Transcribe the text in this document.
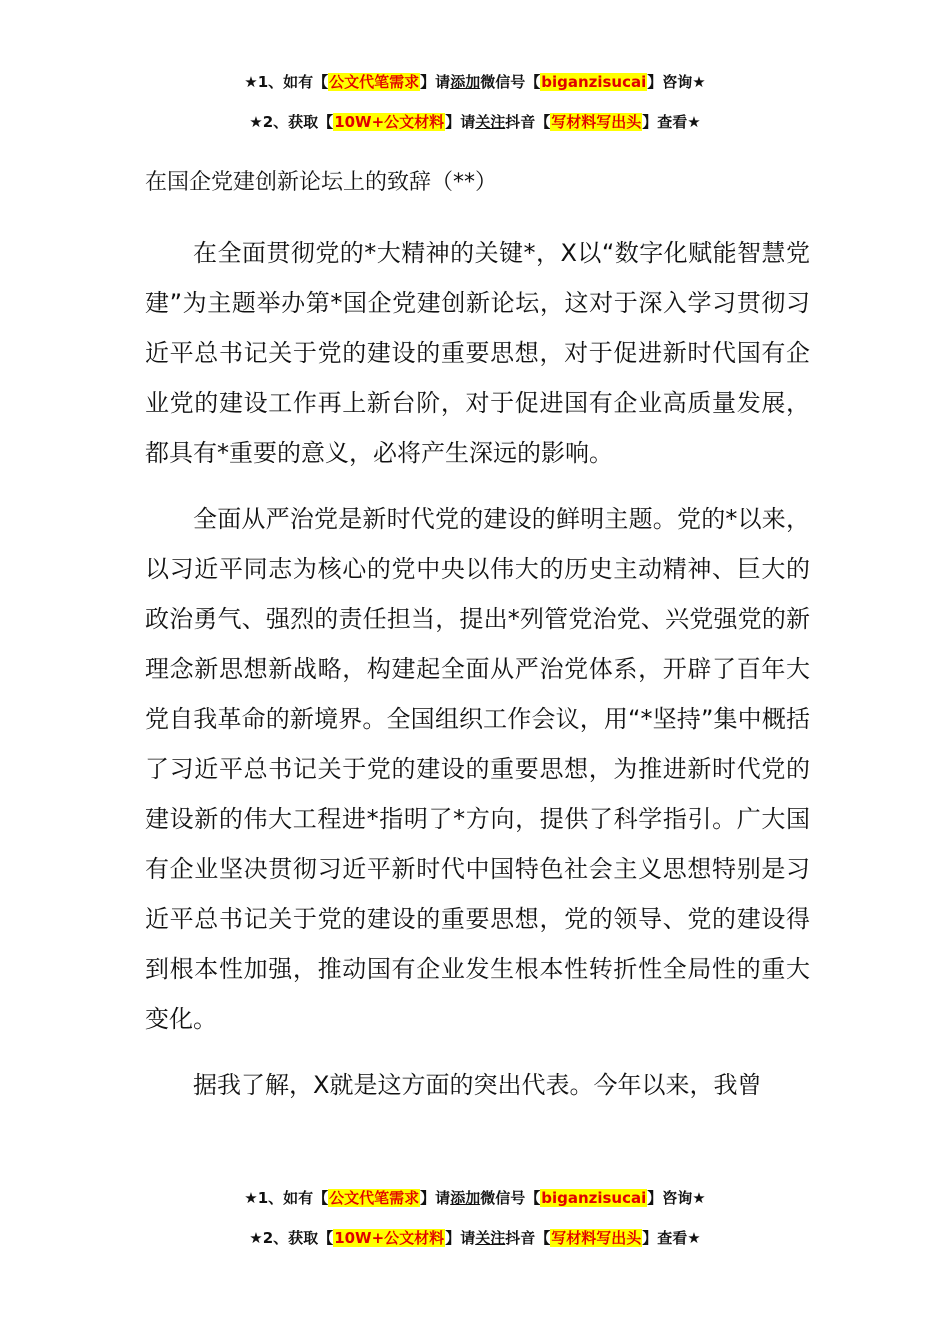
★1、如有【公文代笔需求】请添加微信号【biganzisucai】咨询★
★2、获取【10W+公文材料】请关注抖音【写材料写出头】查看★
在国企党建创新论坛上的致辞（**）

在全面贯彻党的*大精神的关键*，X以“数字化赋能智慧党建”为主题举办第*国企党建创新论坛，这对于深入学习贯彻习近平总书记关于党的建设的重要思想，对于促进新时代国有企业党的建设工作再上新台阶，对于促进国有企业高质量发展，都具有*重要的意义，必将产生深远的影响。

全面从严治党是新时代党的建设的鲜明主题。党的*以来，以习近平同志为核心的党中央以伟大的历史主动精神、巨大的政治勇气、强烈的责任担当，提出*列管党治党、兴党强党的新理念新思想新战略，构建起全面从严治党体系，开辟了百年大党自我革命的新境界。全国组织工作会议，用“*坚持”集中概括了习近平总书记关于党的建设的重要思想，为推进新时代党的建设新的伟大工程进*指明了*方向，提供了科学指引。广大国有企业坚决贯彻习近平新时代中国特色社会主义思想特别是习近平总书记关于党的建设的重要思想，党的领导、党的建设得到根本性加强，推动国有企业发生根本性转折性全局性的重大变化。

据我了解，X就是这方面的突出代表。今年以来，我曾

★1、如有【公文代笔需求】请添加微信号【biganzisucai】咨询★
★2、获取【10W+公文材料】请关注抖音【写材料写出头】查看★
